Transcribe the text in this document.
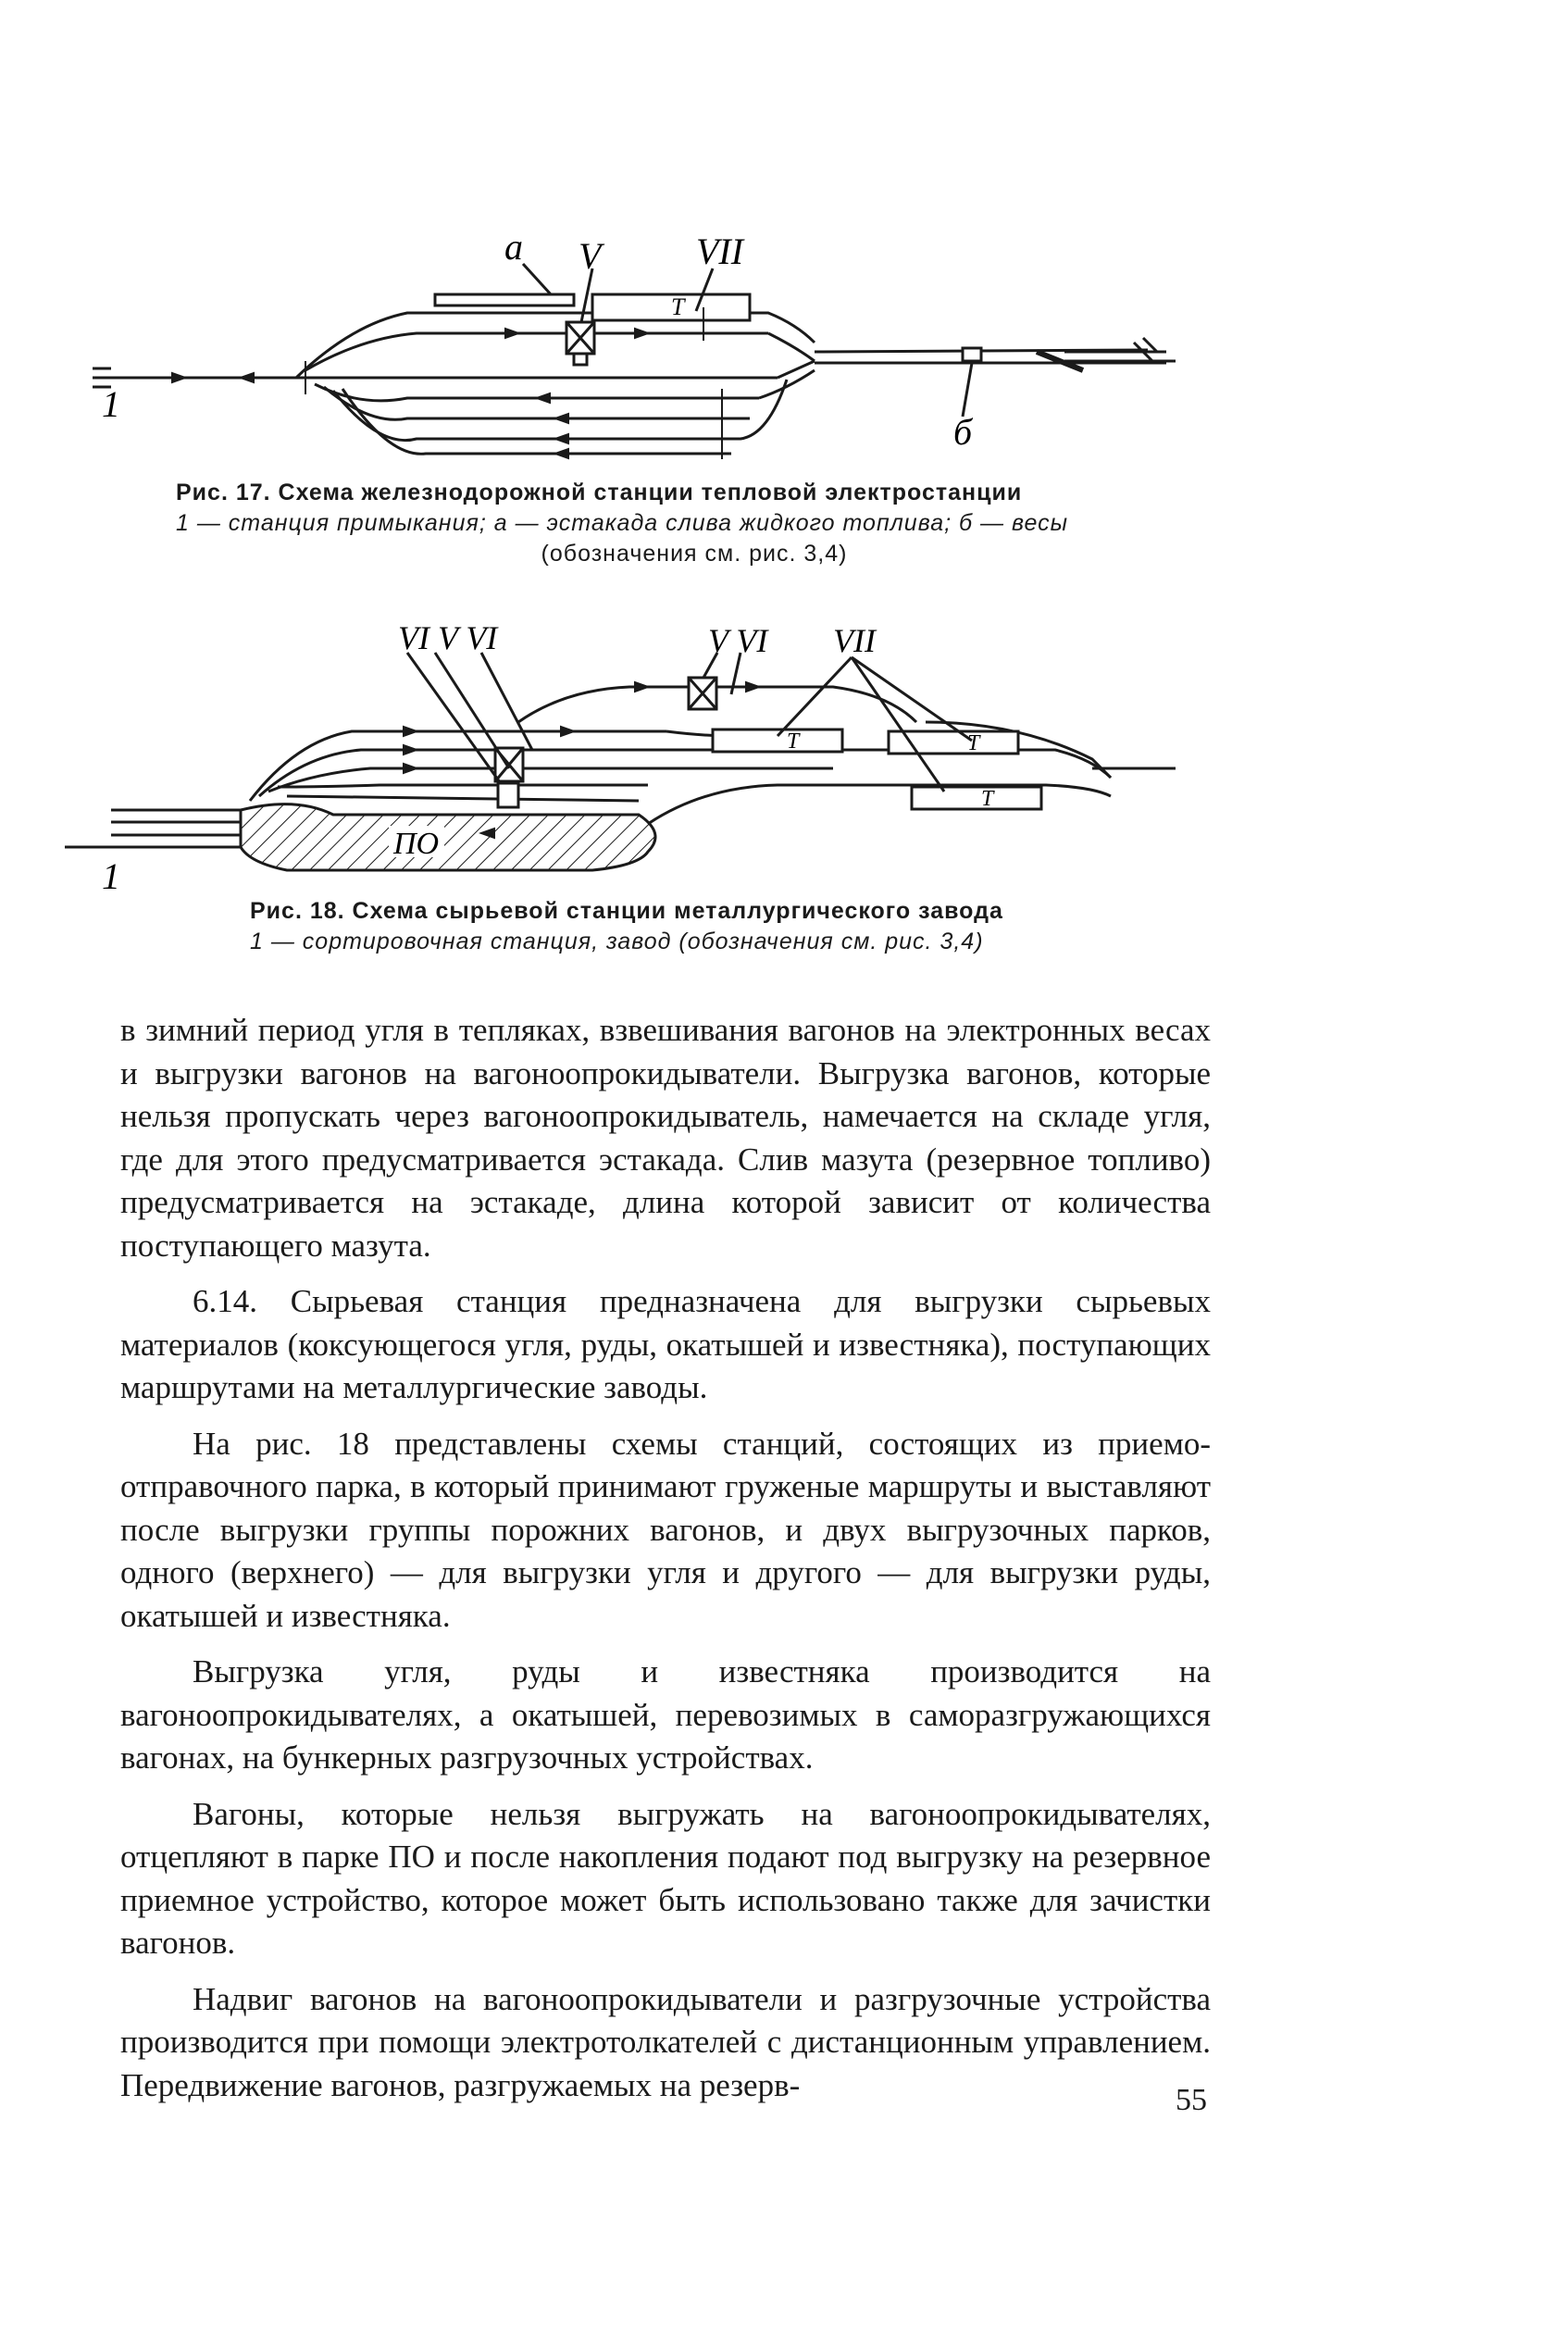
а V	VII
Т
1
б
Рис. 17. Схема железнодорожной станции тепловой электростанции
1 — станция примыкания; а — эстакада слива жидкого топлива; б — весы

(обозначения см. рис. 3,4)
VI V VI	V VI VII
Т	Т
Т
ПО
1
Рис. 18. Схема сырьевой станции металлургического завода
1 — сортировочная станция, завод (обозначения см. рис. 3,4)

в зимний период угля в тепляках, взвешивания вагонов на электронных весах и выгрузки вагонов на вагоноопрокидыватели. Выгрузка вагонов, которые нельзя пропускать через вагоноопрокидыватель, намечается на складе угля, где для этого предусматривается эстакада. Слив мазута (резервное топливо) предусматривается на эстакаде, длина которой зависит от количества поступающего мазута.

6.14. Сырьевая станция предназначена для выгрузки сырьевых материалов (коксующегося угля, руды, окатышей и известняка), поступающих маршрутами на металлургические заводы.

На рис. 18 представлены схемы станций, состоящих из приемо-отправочного парка, в который принимают груженые маршруты и выставляют после выгрузки группы порожних вагонов, и двух выгрузочных парков, одного (верхнего) — для выгрузки угля и другого — для выгрузки руды, окатышей и известняка.

Выгрузка угля, руды и известняка производится на вагоноопрокидывателях, а окатышей, перевозимых в саморазгружающихся вагонах, на бункерных разгрузочных устройствах.

Вагоны, которые нельзя выгружать на вагоноопрокидывателях, отцепляют в парке ПО и после накопления подают под выгрузку на резервное приемное устройство, которое может быть использовано также для зачистки вагонов.

Надвиг вагонов на вагоноопрокидыватели и разгрузочные устройства производится при помощи электротолкателей с дистанционным управлением. Передвижение вагонов, разгружаемых на резерв-	55
